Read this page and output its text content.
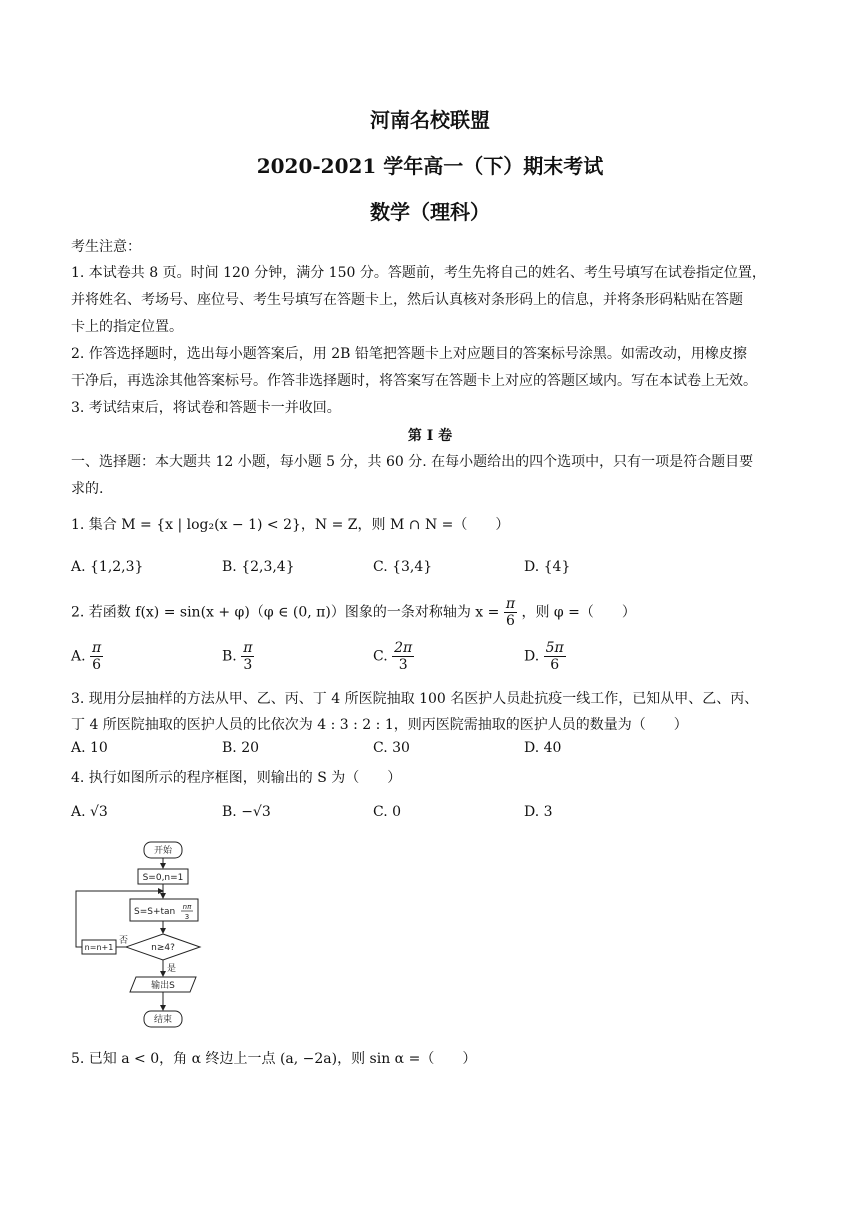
河南名校联盟
2020-2021 学年高一（下）期末考试
数学（理科）
考生注意：
1. 本试卷共 8 页。时间 120 分钟，满分 150 分。答题前，考生先将自己的姓名、考生号填写在试卷指定位置，
并将姓名、考场号、座位号、考生号填写在答题卡上，然后认真核对条形码上的信息，并将条形码粘贴在答题
卡上的指定位置。
2. 作答选择题时，选出每小题答案后，用 2B 铅笔把答题卡上对应题目的答案标号涂黑。如需改动，用橡皮擦
干净后，再选涂其他答案标号。作答非选择题时，将答案写在答题卡上对应的答题区域内。写在本试卷上无效。
3. 考试结束后，将试卷和答题卡一并收回。
第 I 卷
一、选择题：本大题共 12 小题，每小题 5 分，共 60 分. 在每小题给出的四个选项中，只有一项是符合题目要
求的.
1. 集合 M = {x | log₂(x − 1) < 2}，N = Z，则 M ∩ N =（　　）
A. {1,2,3}	B. {2,3,4}	C. {3,4}	D. {4}
2. 若函数 f(x) = sin(x + φ)（φ ∈ (0, π)）图象的一条对称轴为 $x = \frac{\pi}{6}$ ，则 φ =（　　）
A. $\frac{\pi}{6}$	B. $\frac{\pi}{3}$	C. $\frac{2\pi}{3}$	D. $\frac{5\pi}{6}$
3. 现用分层抽样的方法从甲、乙、丙、丁 4 所医院抽取 100 名医护人员赴抗疫一线工作，已知从甲、乙、丙、
丁 4 所医院抽取的医护人员的比依次为 4 : 3 : 2 : 1，则丙医院需抽取的医护人员的数量为（　　）
A. 10	B. 20	C. 30	D. 40
4. 执行如图所示的程序框图，则输出的 S 为（　　）
A. √3	B. −√3	C. 0	D. 3
开始
S=0,n=1
S=S+tan nπ
3
n≥4?
n=n+1
否
是
输出S
结束
5. 已知 a < 0，角 α 终边上一点 (a, −2a)，则 sin α =（　　）
